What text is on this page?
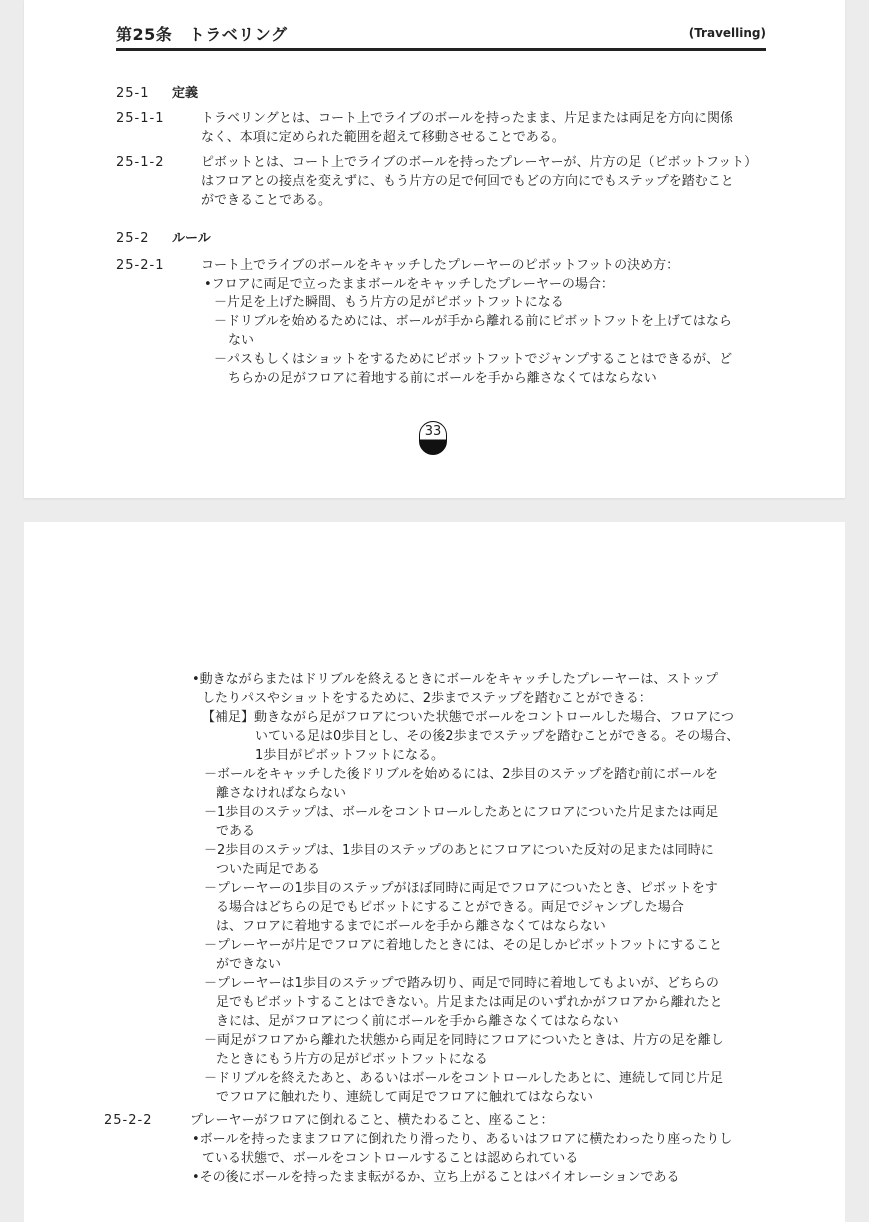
第25条　トラベリング	(Travelling)
25-1 定義
25-1-1	トラベリングとは、コート上でライブのボールを持ったまま、片足または両足を方向に関係
なく、本項に定められた範囲を超えて移動させることである。
25-1-2	ピボットとは、コート上でライブのボールを持ったプレーヤーが、片方の足（ピボットフット）
はフロアとの接点を変えずに、もう片方の足で何回でもどの方向にでもステップを踏むこと
ができることである。
25-2 ルール
25-2-1	コート上でライブのボールをキャッチしたプレーヤーのピボットフットの決め方：
•フロアに両足で立ったままボールをキャッチしたプレーヤーの場合：
－片足を上げた瞬間、もう片方の足がピボットフットになる
－ドリブルを始めるためには、ボールが手から離れる前にピボットフットを上げてはなら
ない
－パスもしくはショットをするためにピボットフットでジャンプすることはできるが、ど
ちらかの足がフロアに着地する前にボールを手から離さなくてはならない
33
•動きながらまたはドリブルを終えるときにボールをキャッチしたプレーヤーは、ストップ
したりパスやショットをするために、2歩までステップを踏むことができる：
【補足】動きながら足がフロアについた状態でボールをコントロールした場合、フロアにつ
いている足は0歩目とし、その後2歩までステップを踏むことができる。その場合、
1歩目がピボットフットになる。
－ボールをキャッチした後ドリブルを始めるには、2歩目のステップを踏む前にボールを
離さなければならない
－1歩目のステップは、ボールをコントロールしたあとにフロアについた片足または両足
である
－2歩目のステップは、1歩目のステップのあとにフロアについた反対の足または同時に
ついた両足である
－プレーヤーの1歩目のステップがほぼ同時に両足でフロアについたとき、ピボットをす
る場合はどちらの足でもピボットにすることができる。両足でジャンプした場合
は、フロアに着地するまでにボールを手から離さなくてはならない
－プレーヤーが片足でフロアに着地したときには、その足しかピボットフットにすること
ができない
－プレーヤーは1歩目のステップで踏み切り、両足で同時に着地してもよいが、どちらの
足でもピボットすることはできない。片足または両足のいずれかがフロアから離れたと
きには、足がフロアにつく前にボールを手から離さなくてはならない
－両足がフロアから離れた状態から両足を同時にフロアについたときは、片方の足を離し
たときにもう片方の足がピボットフットになる
－ドリブルを終えたあと、あるいはボールをコントロールしたあとに、連続して同じ片足
でフロアに触れたり、連続して両足でフロアに触れてはならない
25-2-2	プレーヤーがフロアに倒れること、横たわること、座ること：
•ボールを持ったままフロアに倒れたり滑ったり、あるいはフロアに横たわったり座ったりし
ている状態で、ボールをコントロールすることは認められている
•その後にボールを持ったまま転がるか、立ち上がることはバイオレーションである
